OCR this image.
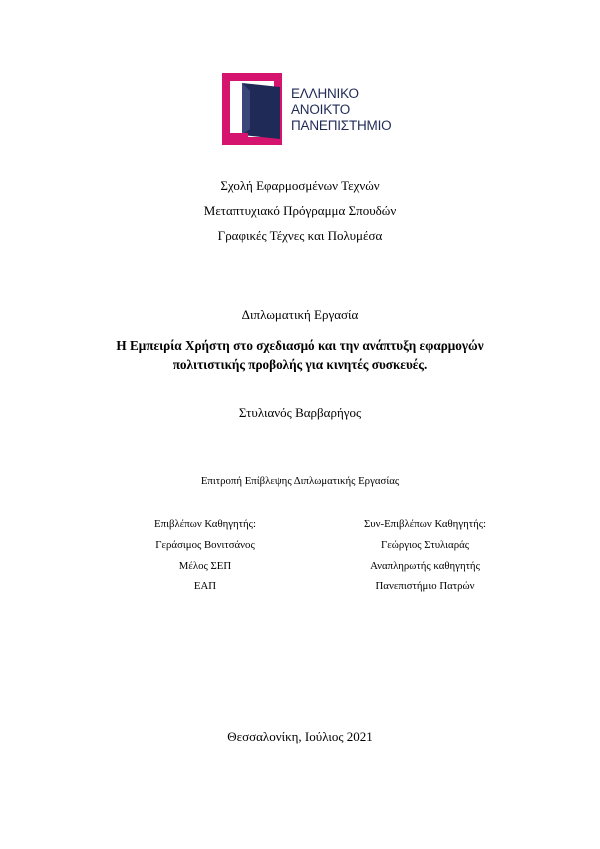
ΕΛΛΗΝΙΚΟ
ΑΝΟΙΚΤΟ
ΠΑΝΕΠΙΣΤΗΜΙΟ
Σχολή Εφαρμοσμένων Τεχνών
Μεταπτυχιακό Πρόγραμμα Σπουδών
Γραφικές Τέχνες και Πολυμέσα
Διπλωματική Εργασία
Η Εμπειρία Χρήστη στο σχεδιασμό και την ανάπτυξη εφαρμογών
πολιτιστικής προβολής για κινητές συσκευές.
Στυλιανός Βαρβαρήγος
Επιτροπή Επίβλεψης Διπλωματικής Εργασίας
Επιβλέπων Καθηγητής:
Γεράσιμος Βονιτσάνος
Μέλος ΣΕΠ
ΕΑΠ
Συν-Επιβλέπων Καθηγητής:
Γεώργιος Στυλιαράς
Αναπληρωτής καθηγητής
Πανεπιστήμιο Πατρών
Θεσσαλονίκη, Ιούλιος 2021
